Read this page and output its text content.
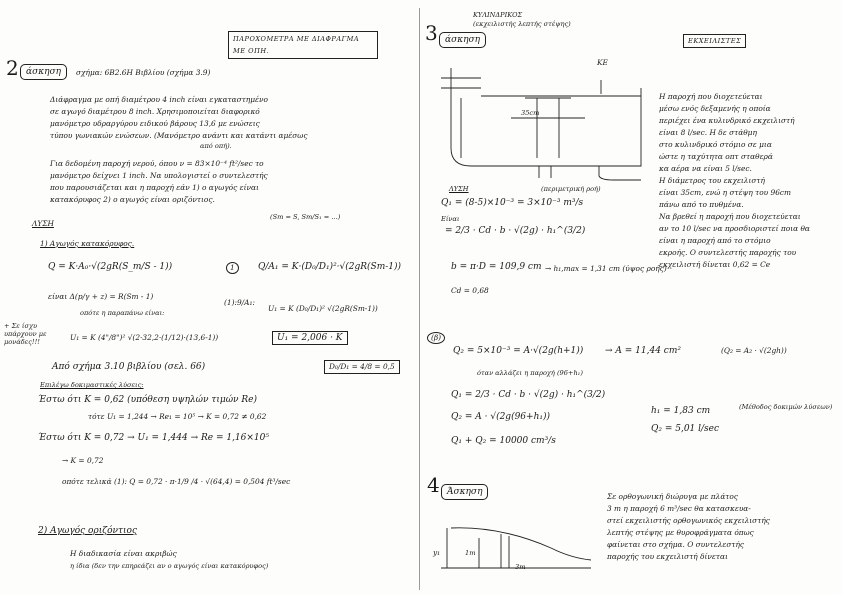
ΠΑΡΟΧΟΜΕΤΡΑ ΜΕ ΔΙΑΦΡΑΓΜΑ ΜΕ ΟΠΗ.
2 άσκηση	σχήμα: 6Β2.6Η Βιβλίου (σχήμα 3.9)
Διάφραγμα με οπή διαμέτρου 4 inch είναι εγκαταστημένο
σε αγωγό διαμέτρου 8 inch. Χρησιμοποιείται διαφορικό
μανόμετρο υδραργύρου ειδικού βάρους 13,6 με ενώσεις
τύπου γωνιακών ενώσεων. (Μανόμετρο ανάντι και κατάντι αμέσως
από οπή).
Για δεδομένη παροχή νερού, όπου ν = 83×10⁻⁴ ft²/sec το
μανόμετρο δείχνει 1 inch. Να υπολογιστεί ο συντελεστής
που παρουσιάζεται και η παροχή εάν 1) ο αγωγός είναι
κατακόρυφος 2) ο αγωγός είναι οριζόντιος.
(Sm = S, Sm/S₁ = ...)
ΛΥΣΗ
1) Αγωγός κατακόρυφος.
Q = K·A₀·√(2gR(S_m/S - 1))	1	Q/A₁ = K·(D₀/D₁)²·√(2gR(Sm-1))
είναι Δ(p/γ + z) = R(Sm - 1)
οπότε η παραπάνω είναι:
(1):9/A₁:
U₁ = K (D₀/D₁)² √(2gR(Sm-1))
+ Σε ίσχυ υπάρχουν με μονάδες!!!	U₁ = K (4"/8")² √(2·32,2·(1/12)·(13,6-1))	U₁ = 2,006 · K
Από σχήμα 3.10 βιβλίου (σελ. 66)	D₀/D₁ = 4/8 = 0,5
Επιλέγω δοκιμαστικές λύσεις:
Έστω ότι K = 0,62 (υπόθεση υψηλών τιμών Re)
τότε U₁ = 1,244 → Re₁ = 10⁵ → K = 0,72 ≠ 0,62
Έστω ότι K = 0,72 → U₁ = 1,444 → Re = 1,16×10⁵
→ K = 0,72
οπότε τελικά (1): Q = 0,72 · π·1/9 /4 · √(64,4) = 0,504 ft³/sec
2) Αγωγός οριζόντιος
Η διαδικασία είναι ακριβώς
η ίδια (δεν την επηρεάζει αν ο αγωγός είναι κατακόρυφος)
3 άσκηση
ΚΥΛΙΝΔΡΙΚΟΣ
(εκχειλιστής λεπτής στέψης)
ΕΚΧΕΙΛΙΣΤΕΣ
ΚΕ
35cm
Η παροχή που διοχετεύεται
μέσω ενός δεξαμενής η οποία
περιέχει ένα κυλινδρικό εκχειλιστή
είναι 8 l/sec. Η δε στάθμη
στο κυλινδρικό στόμιο σε μια
ώστε η ταχύτητα οπτ σταθερά
κα αέρα να είναι 5 l/sec.
Η διάμετρος του εκχειλιστή
είναι 35cm, ενώ η στέψη του 96cm
πάνω από το πυθμένα.
Να βρεθεί η παροχή που διοχετεύεται
αν το 10 l/sec να προσδιοριστεί ποια θα
είναι η παροχή από το στόμιο
εκροής. Ο συντελεστής παροχής του
εκχειλιστή δίνεται 0,62 = Ce
ΛΥΣΗ	(περιμετρική ροή)
Q₁ = (8-5)×10⁻³ = 3×10⁻³ m³/s
Είναι
= 2/3 · Cd · b · √(2g) · h₁^(3/2)
b = π·D = 109,9 cm → h₁,max = 1,31 cm (ύψος ροής)
Cd = 0,68
(β)
Q₂ = 5×10⁻³ = A·√(2g(h+1)) → A = 11,44 cm²	(Q₂ = A₂ · √(2gh))
όταν αλλάζει η παροχή (96+h₁)
Q₁ = 2/3 · Cd · b · √(2g) · h₁^(3/2)
Q₂ = A · √(2g(96+h₁))
Q₁ + Q₂ = 10000 cm³/s
h₁ = 1,83 cm
Q₂ = 5,01 l/sec
(Μέθοδος δοκιμών λύσεων)
4 Άσκηση
y₁	1m
3m
Σε ορθογωνική διώρυγα με πλάτος
3 m η παροχή 6 m³/sec θα κατασκευα-
στεί εκχειλιστής ορθογωνικός εκχειλιστής
λεπτής στέψης με θυροφράγματα όπως
φαίνεται στο σχήμα. Ο συντελεστής
παροχής του εκχειλιστή δίνεται
